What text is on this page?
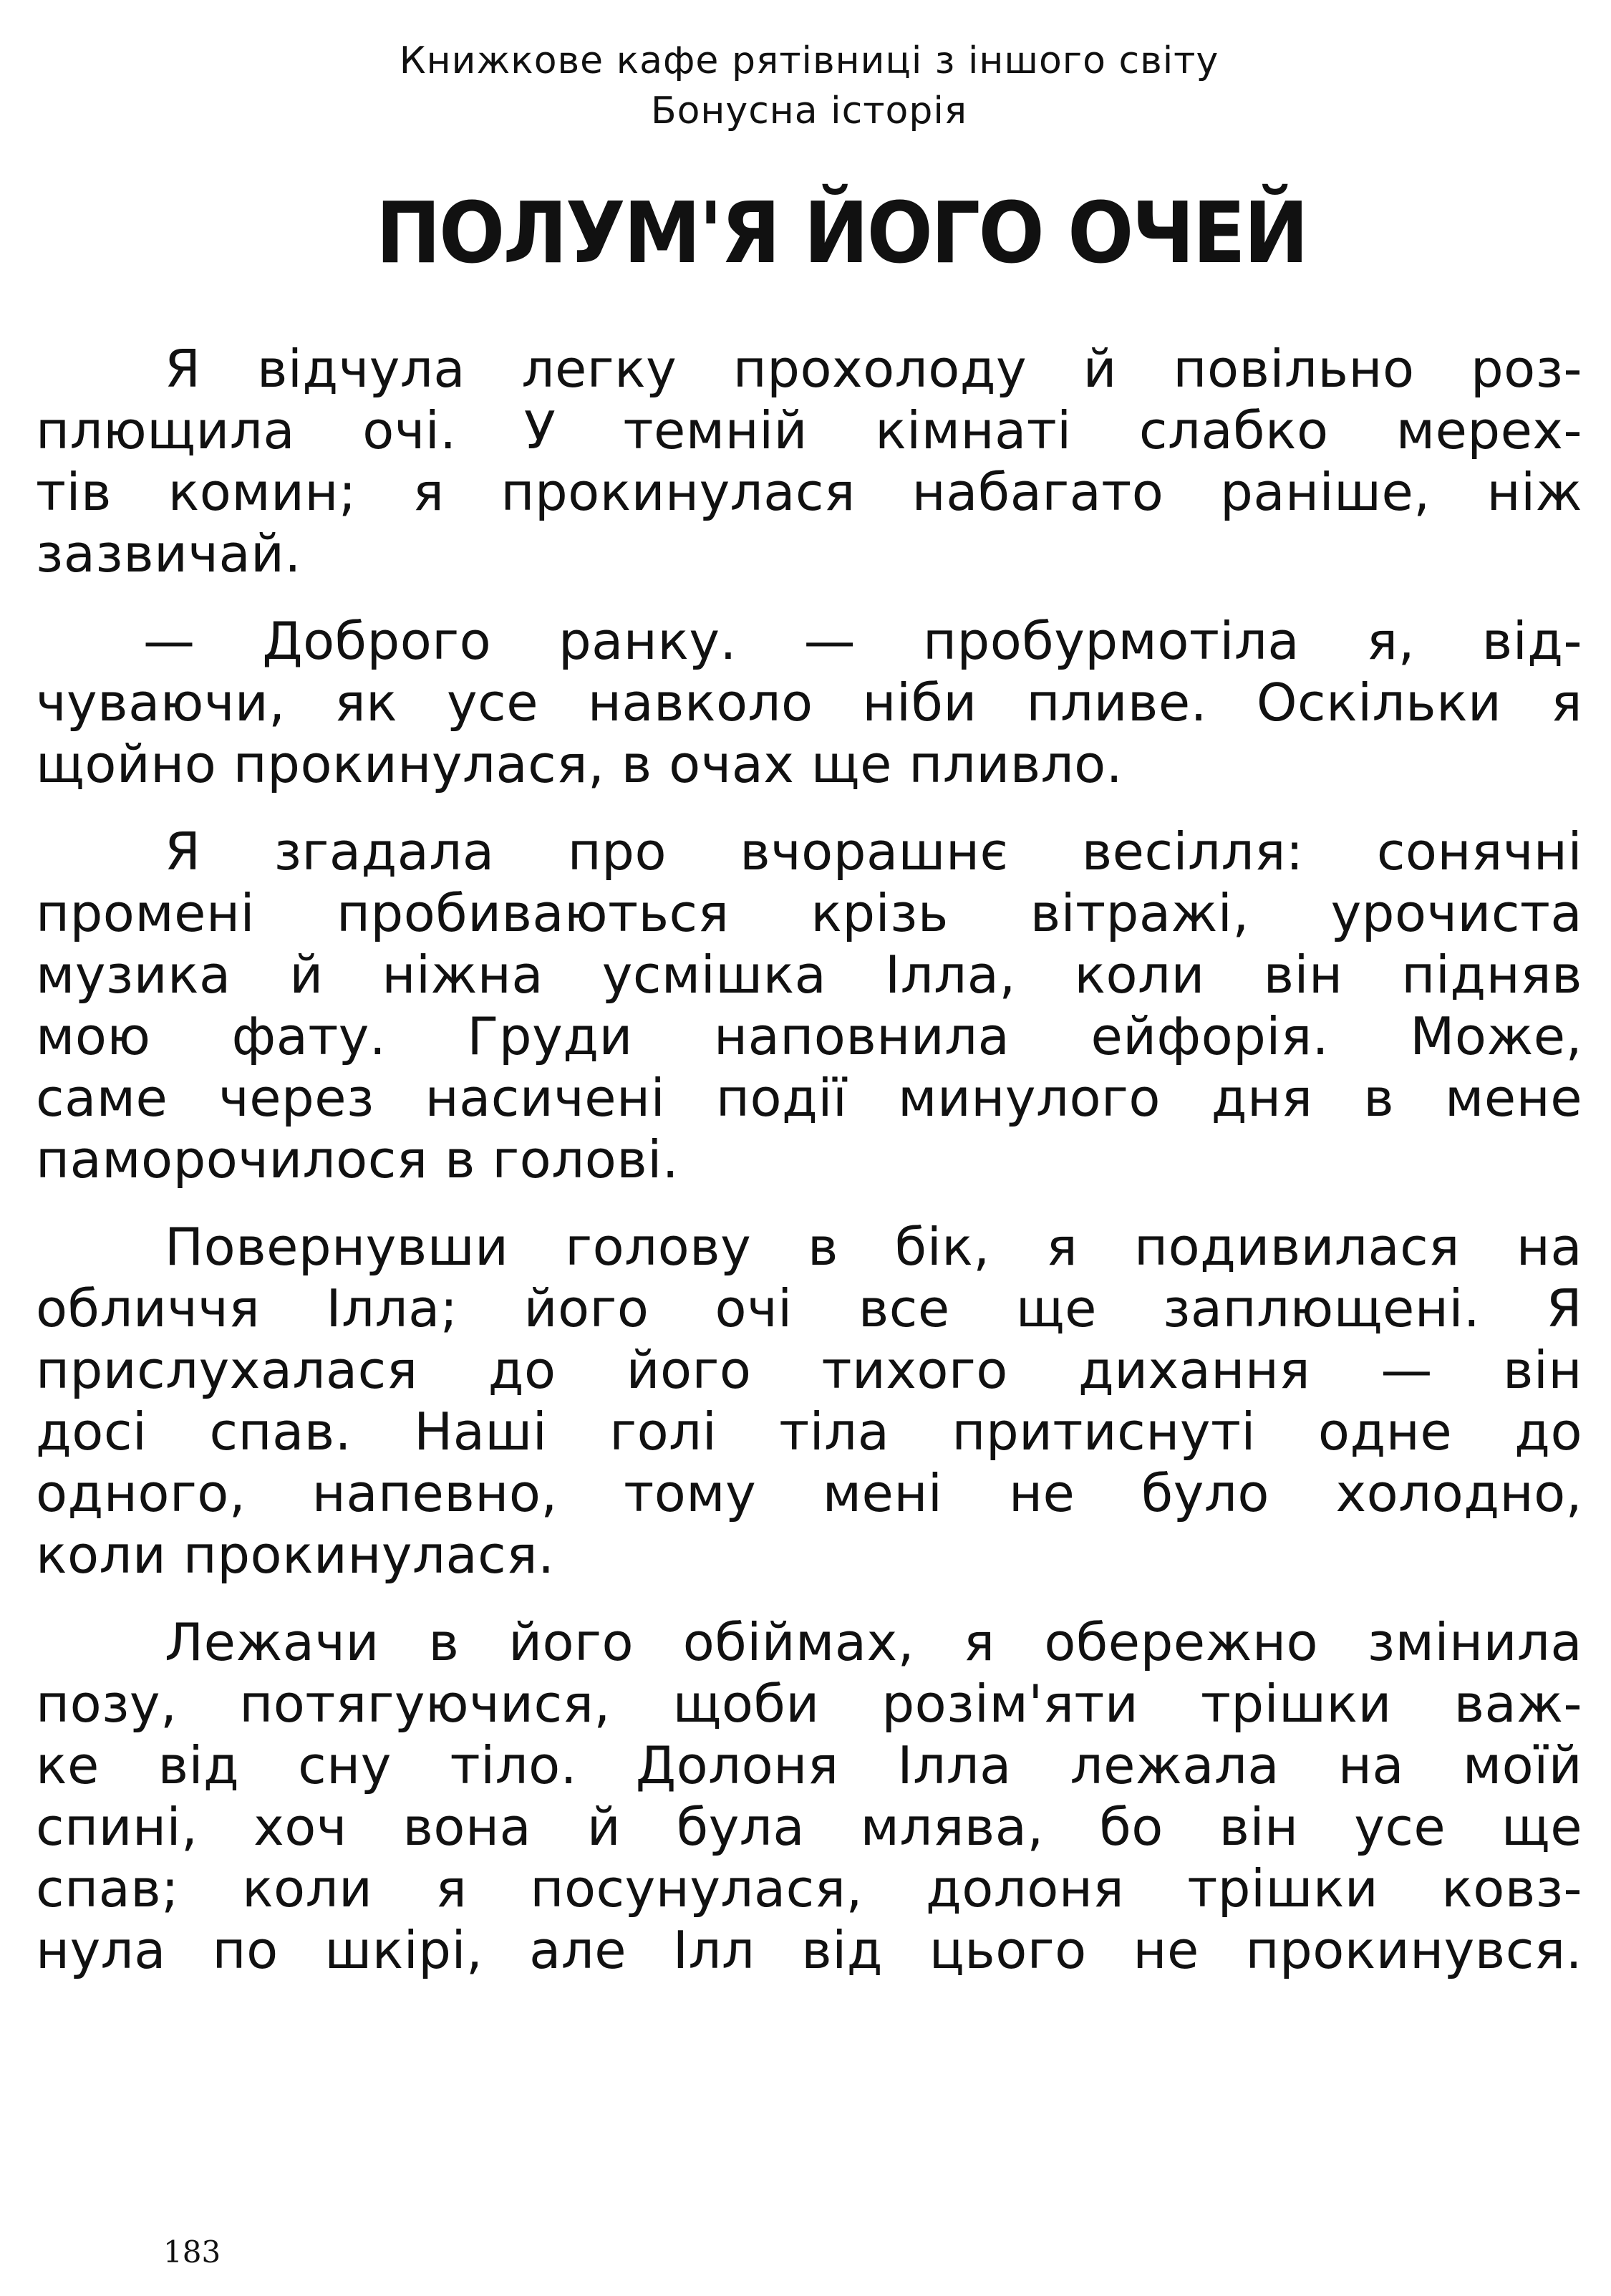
Книжкове кафе рятівниці з іншого світу
Бонусна історія
ПОЛУМ'Я ЙОГО ОЧЕЙ
Я відчула легку прохолоду й повільно роз-
плющила очі. У темній кімнаті слабко мерех-
тів комин; я прокинулася набагато раніше, ніж
зазвичай.
— Доброго ранку. — пробурмотіла я, від-
чуваючи, як усе навколо ніби пливе. Оскільки я
щойно прокинулася, в очах ще пливло.
Я згадала про вчорашнє весілля: сонячні
промені пробиваються крізь вітражі, урочиста
музика й ніжна усмішка Ілла, коли він підняв
мою фату. Груди наповнила ейфорія. Може,
саме через насичені події минулого дня в мене
паморочилося в голові.
Повернувши голову в бік, я подивилася на
обличчя Ілла; його очі все ще заплющені. Я
прислухалася до його тихого дихання — він
досі спав. Наші голі тіла притиснуті одне до
одного, напевно, тому мені не було холодно,
коли прокинулася.
Лежачи в його обіймах, я обережно змінила
позу, потягуючися, щоби розім'яти трішки важ-
ке від сну тіло. Долоня Ілла лежала на моїй
спині, хоч вона й була млява, бо він усе ще
спав; коли я посунулася, долоня трішки ковз-
нула по шкірі, але Ілл від цього не прокинувся.
183
